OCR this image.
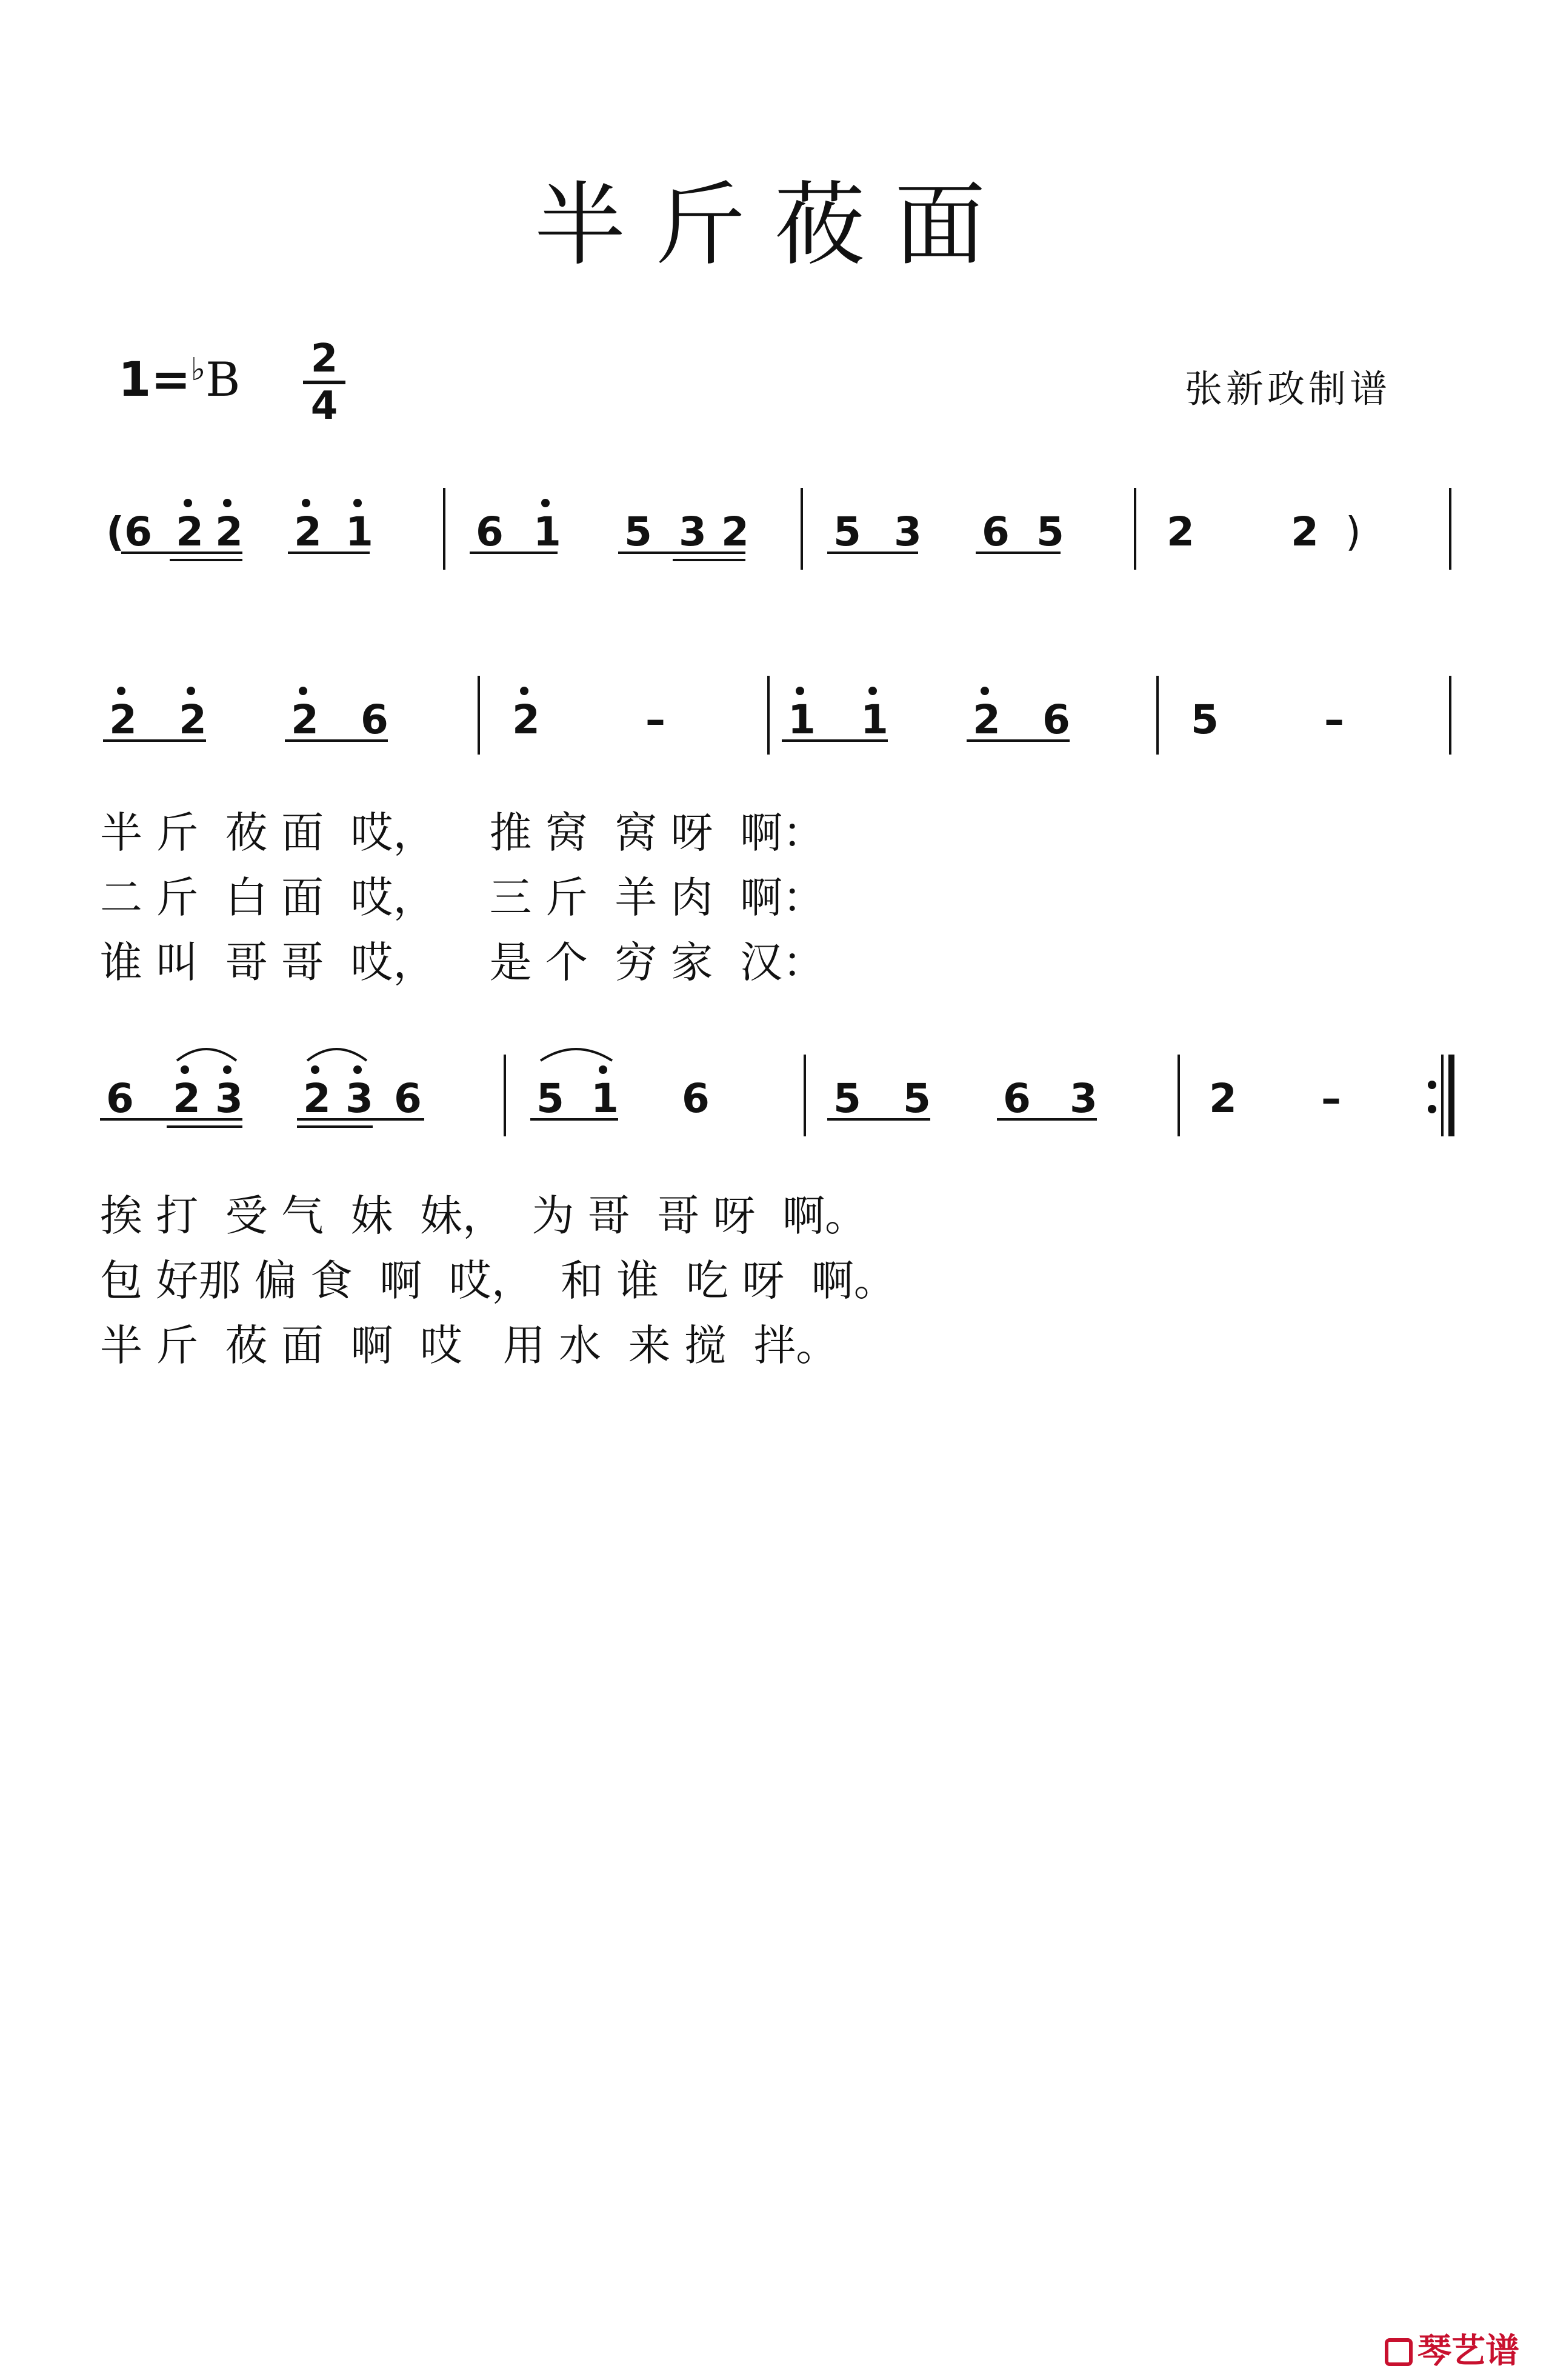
半斤莜面
1=♭B 2
4	张新政制谱
(6 2 2 2 1	6 1 5 3 2 5 3 6 5	2 2 )
2 2 2 6	2	–	1 1 2 6	5	–
6 2 3 2 3 6	5 1 6	5 5 6 3	2 –
半 斤  莜 面  哎，    推 窝  窝 呀  啊：
二 斤  白 面  哎，    三 斤  羊 肉  啊：
谁 叫  哥 哥  哎，    是 个  穷 家  汉：
挨 打  受 气  妹  妹，  为 哥  哥 呀  啊。
包 好那 偏 食  啊  哎，  和 谁  吃 呀  啊。
半 斤  莜 面  啊  哎   用 水  来 搅  拌。
琴艺谱
